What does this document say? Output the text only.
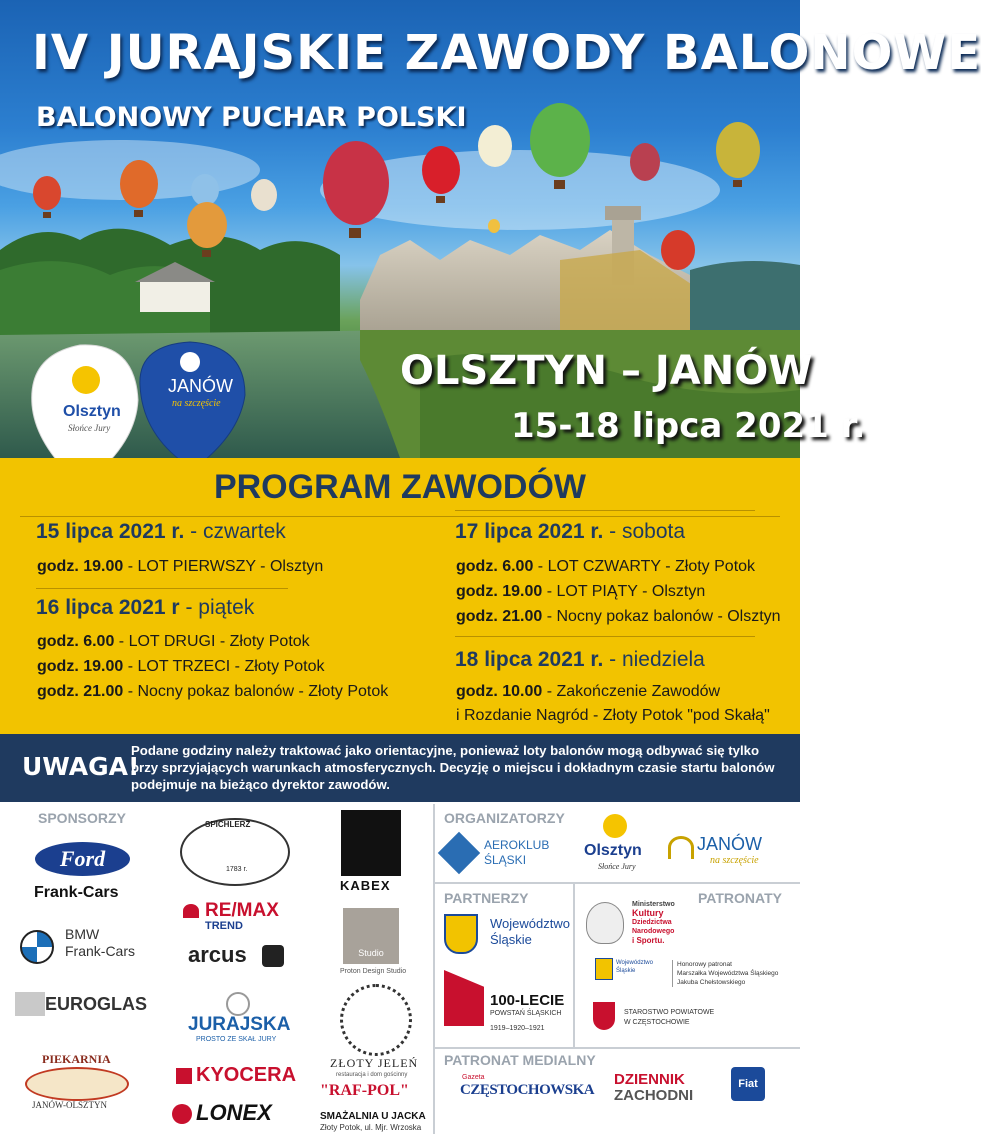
IV JURAJSKIE ZAWODY BALONOWE
BALONOWY PUCHAR POLSKI
Olsztyn
Słońce Jury
JANÓW
na szczęście
OLSZTYN – JANÓW
15-18 lipca 2021 r.
PROGRAM ZAWODÓW
15 lipca 2021 r. - czwartek
godz. 19.00 - LOT PIERWSZY - Olsztyn
16 lipca 2021 r - piątek
godz. 6.00 - LOT DRUGI - Złoty Potok
godz. 19.00 - LOT TRZECI - Złoty Potok
godz. 21.00 - Nocny pokaz balonów - Złoty Potok
17 lipca 2021 r. - sobota
godz. 6.00 - LOT CZWARTY - Złoty Potok
godz. 19.00 - LOT PIĄTY - Olsztyn
godz. 21.00 - Nocny pokaz balonów - Olsztyn
18 lipca 2021 r. - niedziela
godz. 10.00 - Zakończenie Zawodów
i Rozdanie Nagród - Złoty Potok "pod Skałą"
UWAGA!
Podane godziny należy traktować jako orientacyjne, ponieważ loty balonów mogą odbywać się tylko przy sprzyjających warunkach atmosferycznych. Decyzję o miejscu i dokładnym czasie startu balonów podejmuje na bieżąco dyrektor zawodów.
SPONSORZY
Ford
Frank-Cars
BMW
Frank-Cars
EUROGLAS
PIEKARNIA
JANÓW-OLSZTYN
SPICHLERZ
1783 r.
RE/MAX
TREND
arcus
JURAJSKA
PROSTO ZE SKAŁ JURY
KYOCERA
LONEX
KABEX
Studio
Proton Design Studio
ZŁOTY JELEŃ
restauracja i dom gościnny
"RAF-POL"
SMAŻALNIA U JACKA
Złoty Potok, ul. Mjr. Wrzoska
ORGANIZATORZY
AEROKLUB
ŚLĄSKI
Olsztyn
Słońce Jury
JANÓW
na szczęście
PARTNERZY
Województwo
Śląskie
100-LECIE
POWSTAŃ ŚLĄSKICH
1919–1920–1921
PATRONATY
Ministerstwo
Kultury
Dziedzictwa
Narodowego
i Sportu.
Województwo
Śląskie
Honorowy patronat
Marszałka Województwa Śląskiego
Jakuba Chełstowskiego
STAROSTWO POWIATOWE
W CZĘSTOCHOWIE
PATRONAT MEDIALNY
Gazeta
CZĘSTOCHOWSKA
DZIENNIK
ZACHODNI
Fiat
